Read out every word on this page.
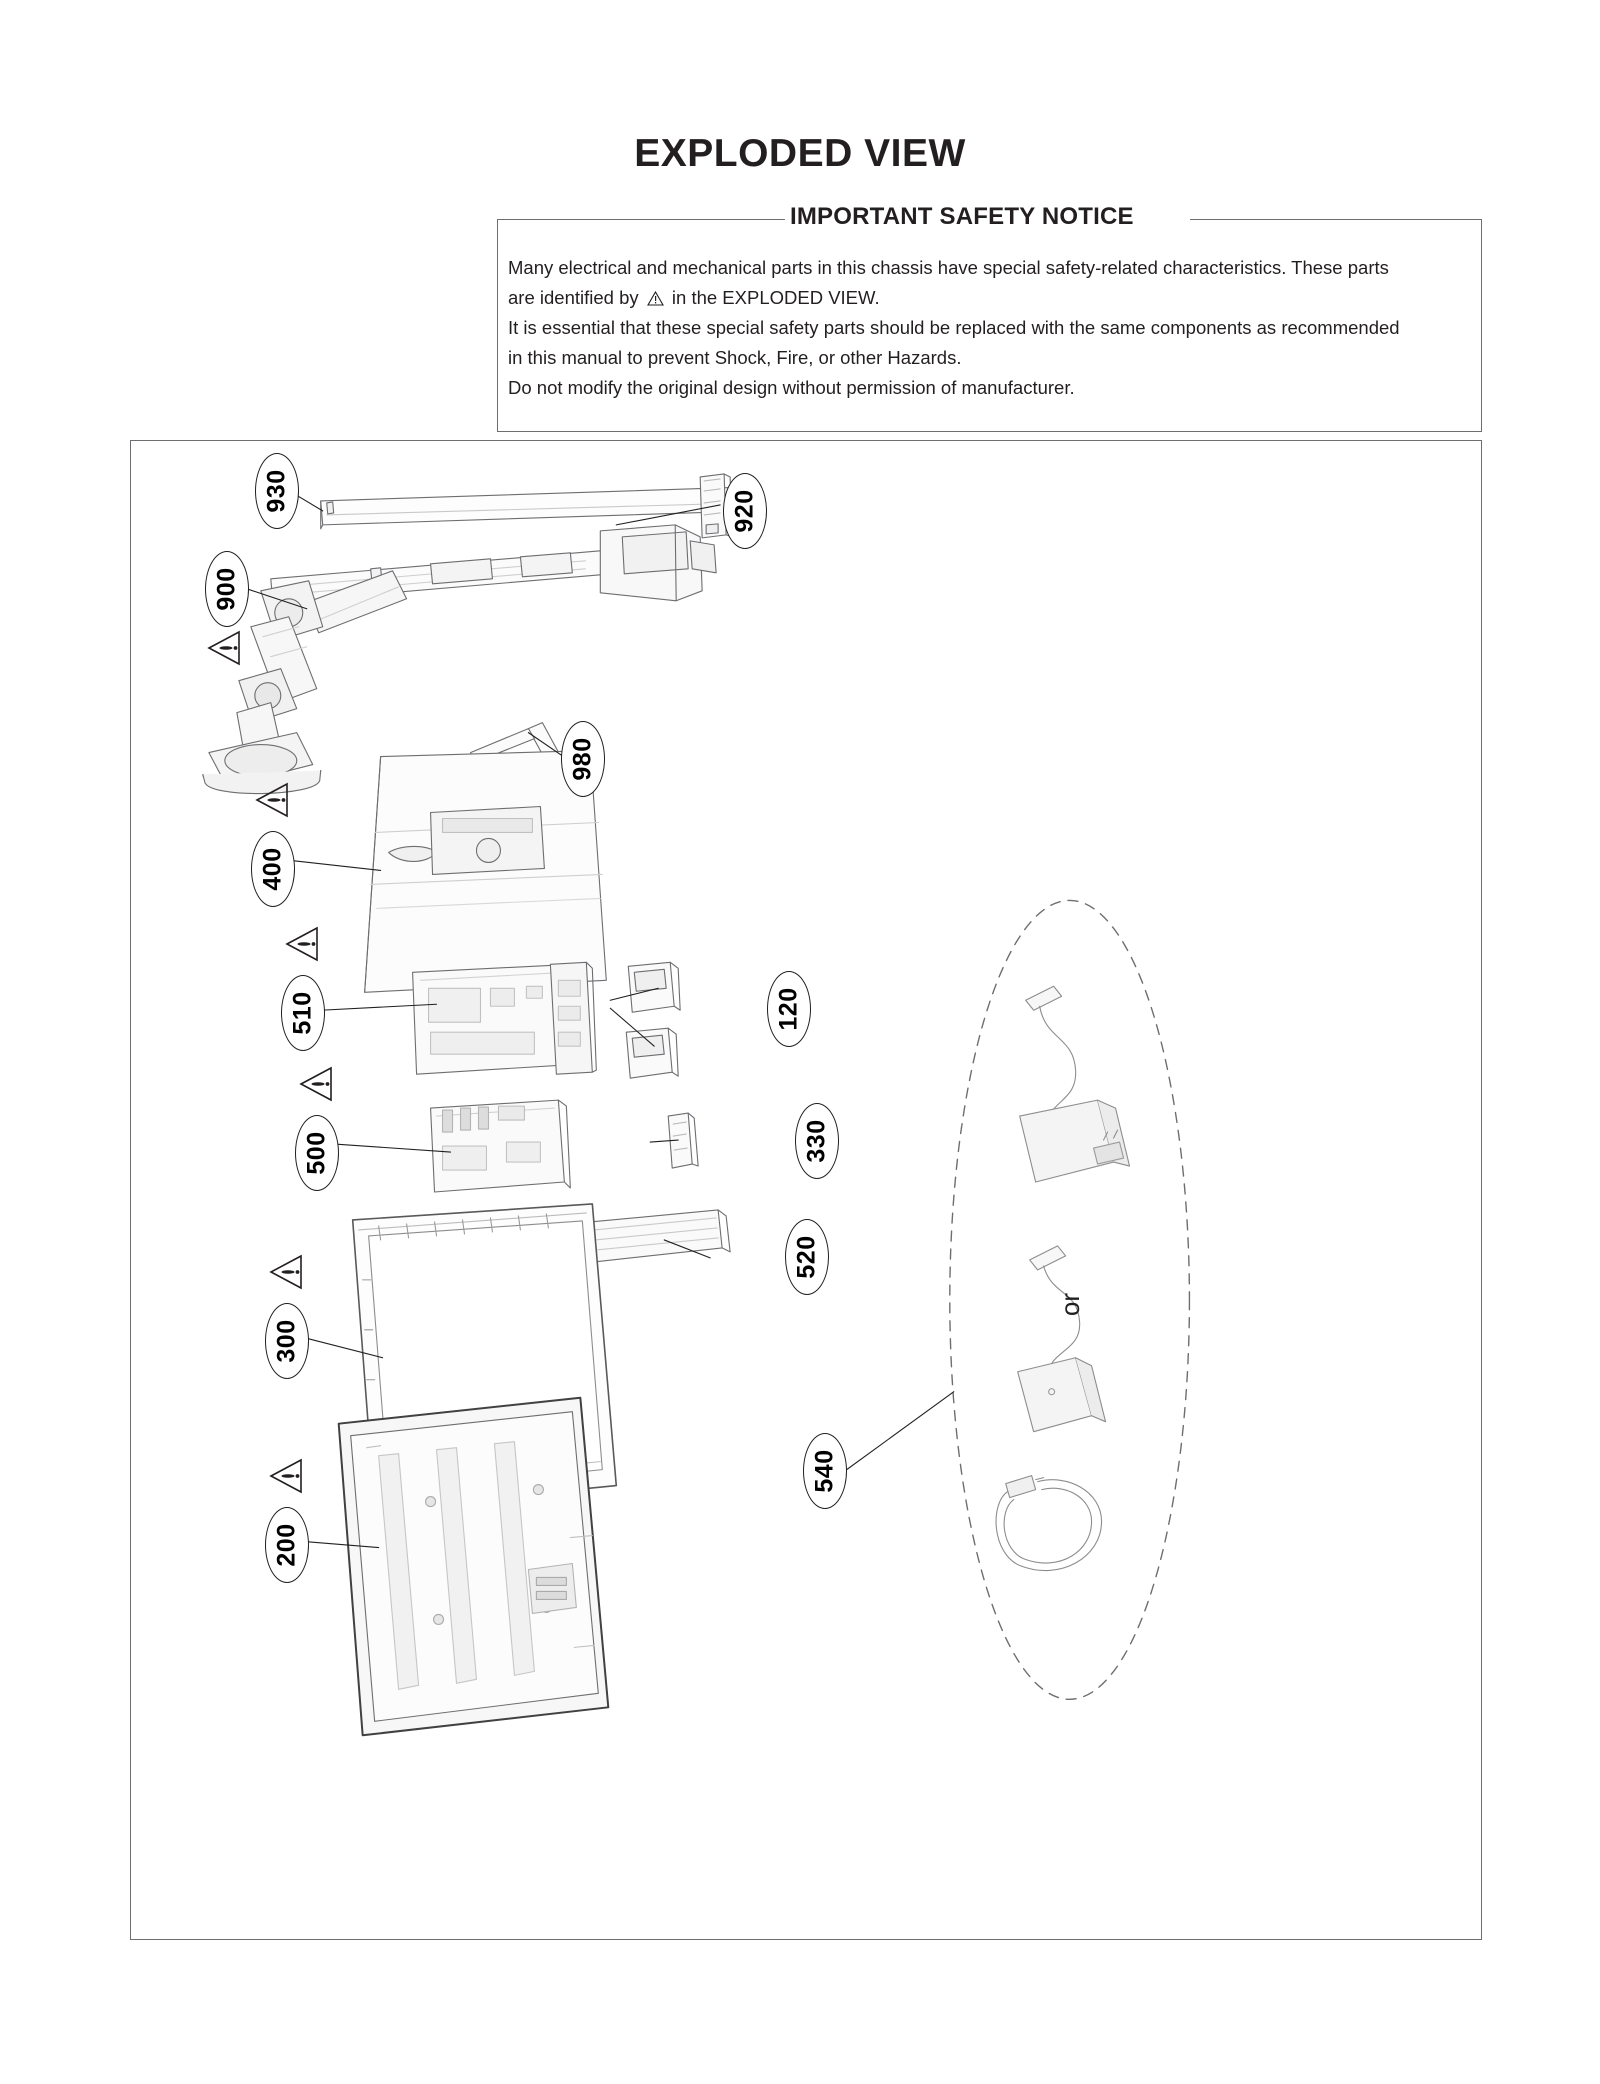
EXPLODED VIEW
IMPORTANT SAFETY NOTICE

Many electrical and mechanical parts in this chassis have special safety-related characteristics. These parts

are identified by in the EXPLODED VIEW.

It is essential that these special safety parts should be replaced with the same components as recommended

in this manual to prevent Shock, Fire, or other Hazards.

Do not modify the original design without permission of manufacturer.

930	920
900
980
400
510	120
500	330
520
300
200
540
or
